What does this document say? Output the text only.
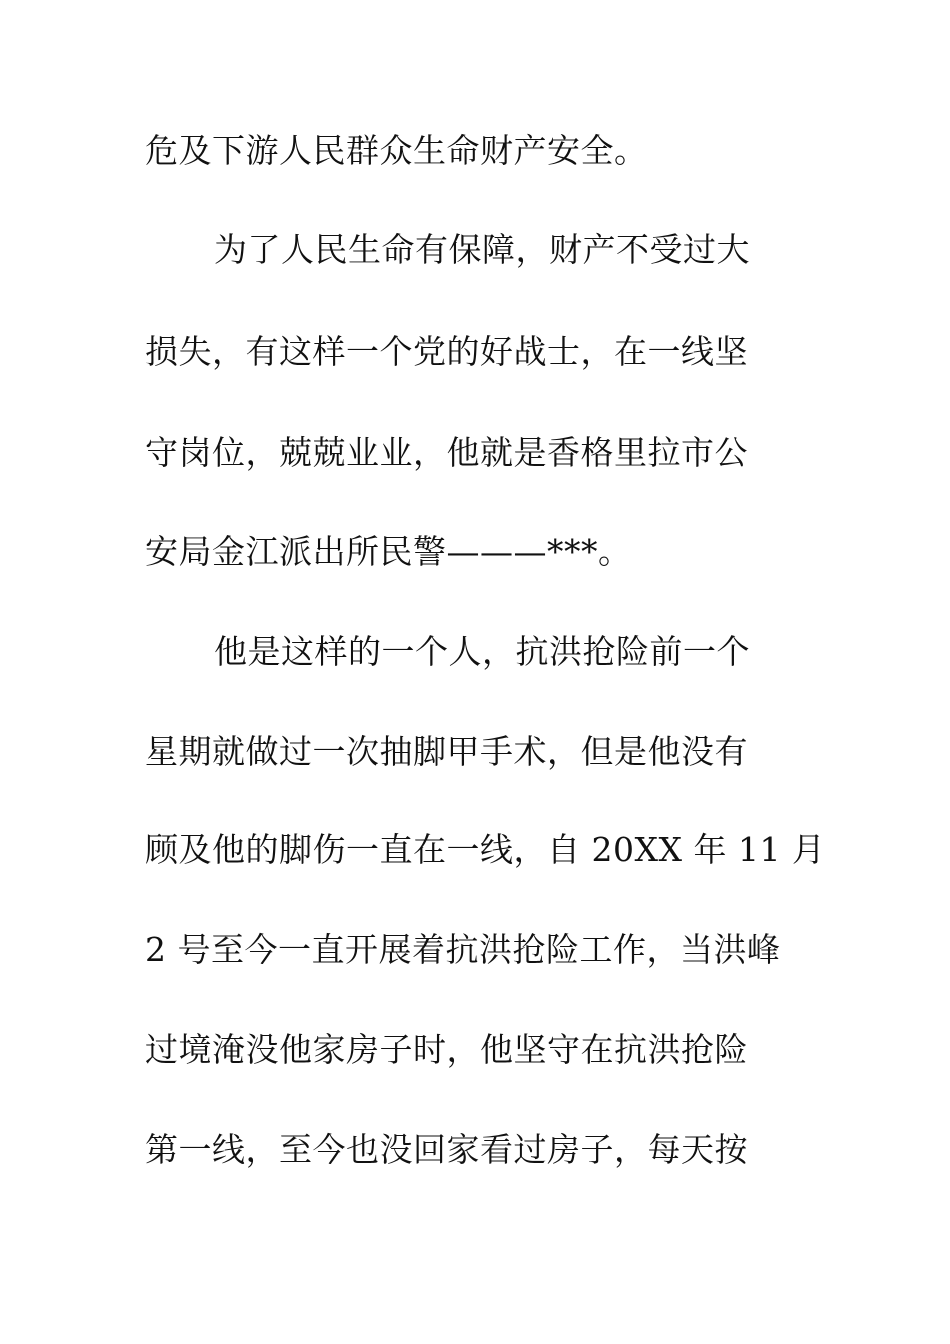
危及下游人民群众生命财产安全。
为了人民生命有保障，财产不受过大
损失，有这样一个党的好战士，在一线坚
守岗位，兢兢业业，他就是香格里拉市公
安局金江派出所民警———***。
他是这样的一个人，抗洪抢险前一个
星期就做过一次抽脚甲手术，但是他没有
顾及他的脚伤一直在一线，自 20XX 年 11 月
2 号至今一直开展着抗洪抢险工作，当洪峰
过境淹没他家房子时，他坚守在抗洪抢险
第一线，至今也没回家看过房子，每天按
